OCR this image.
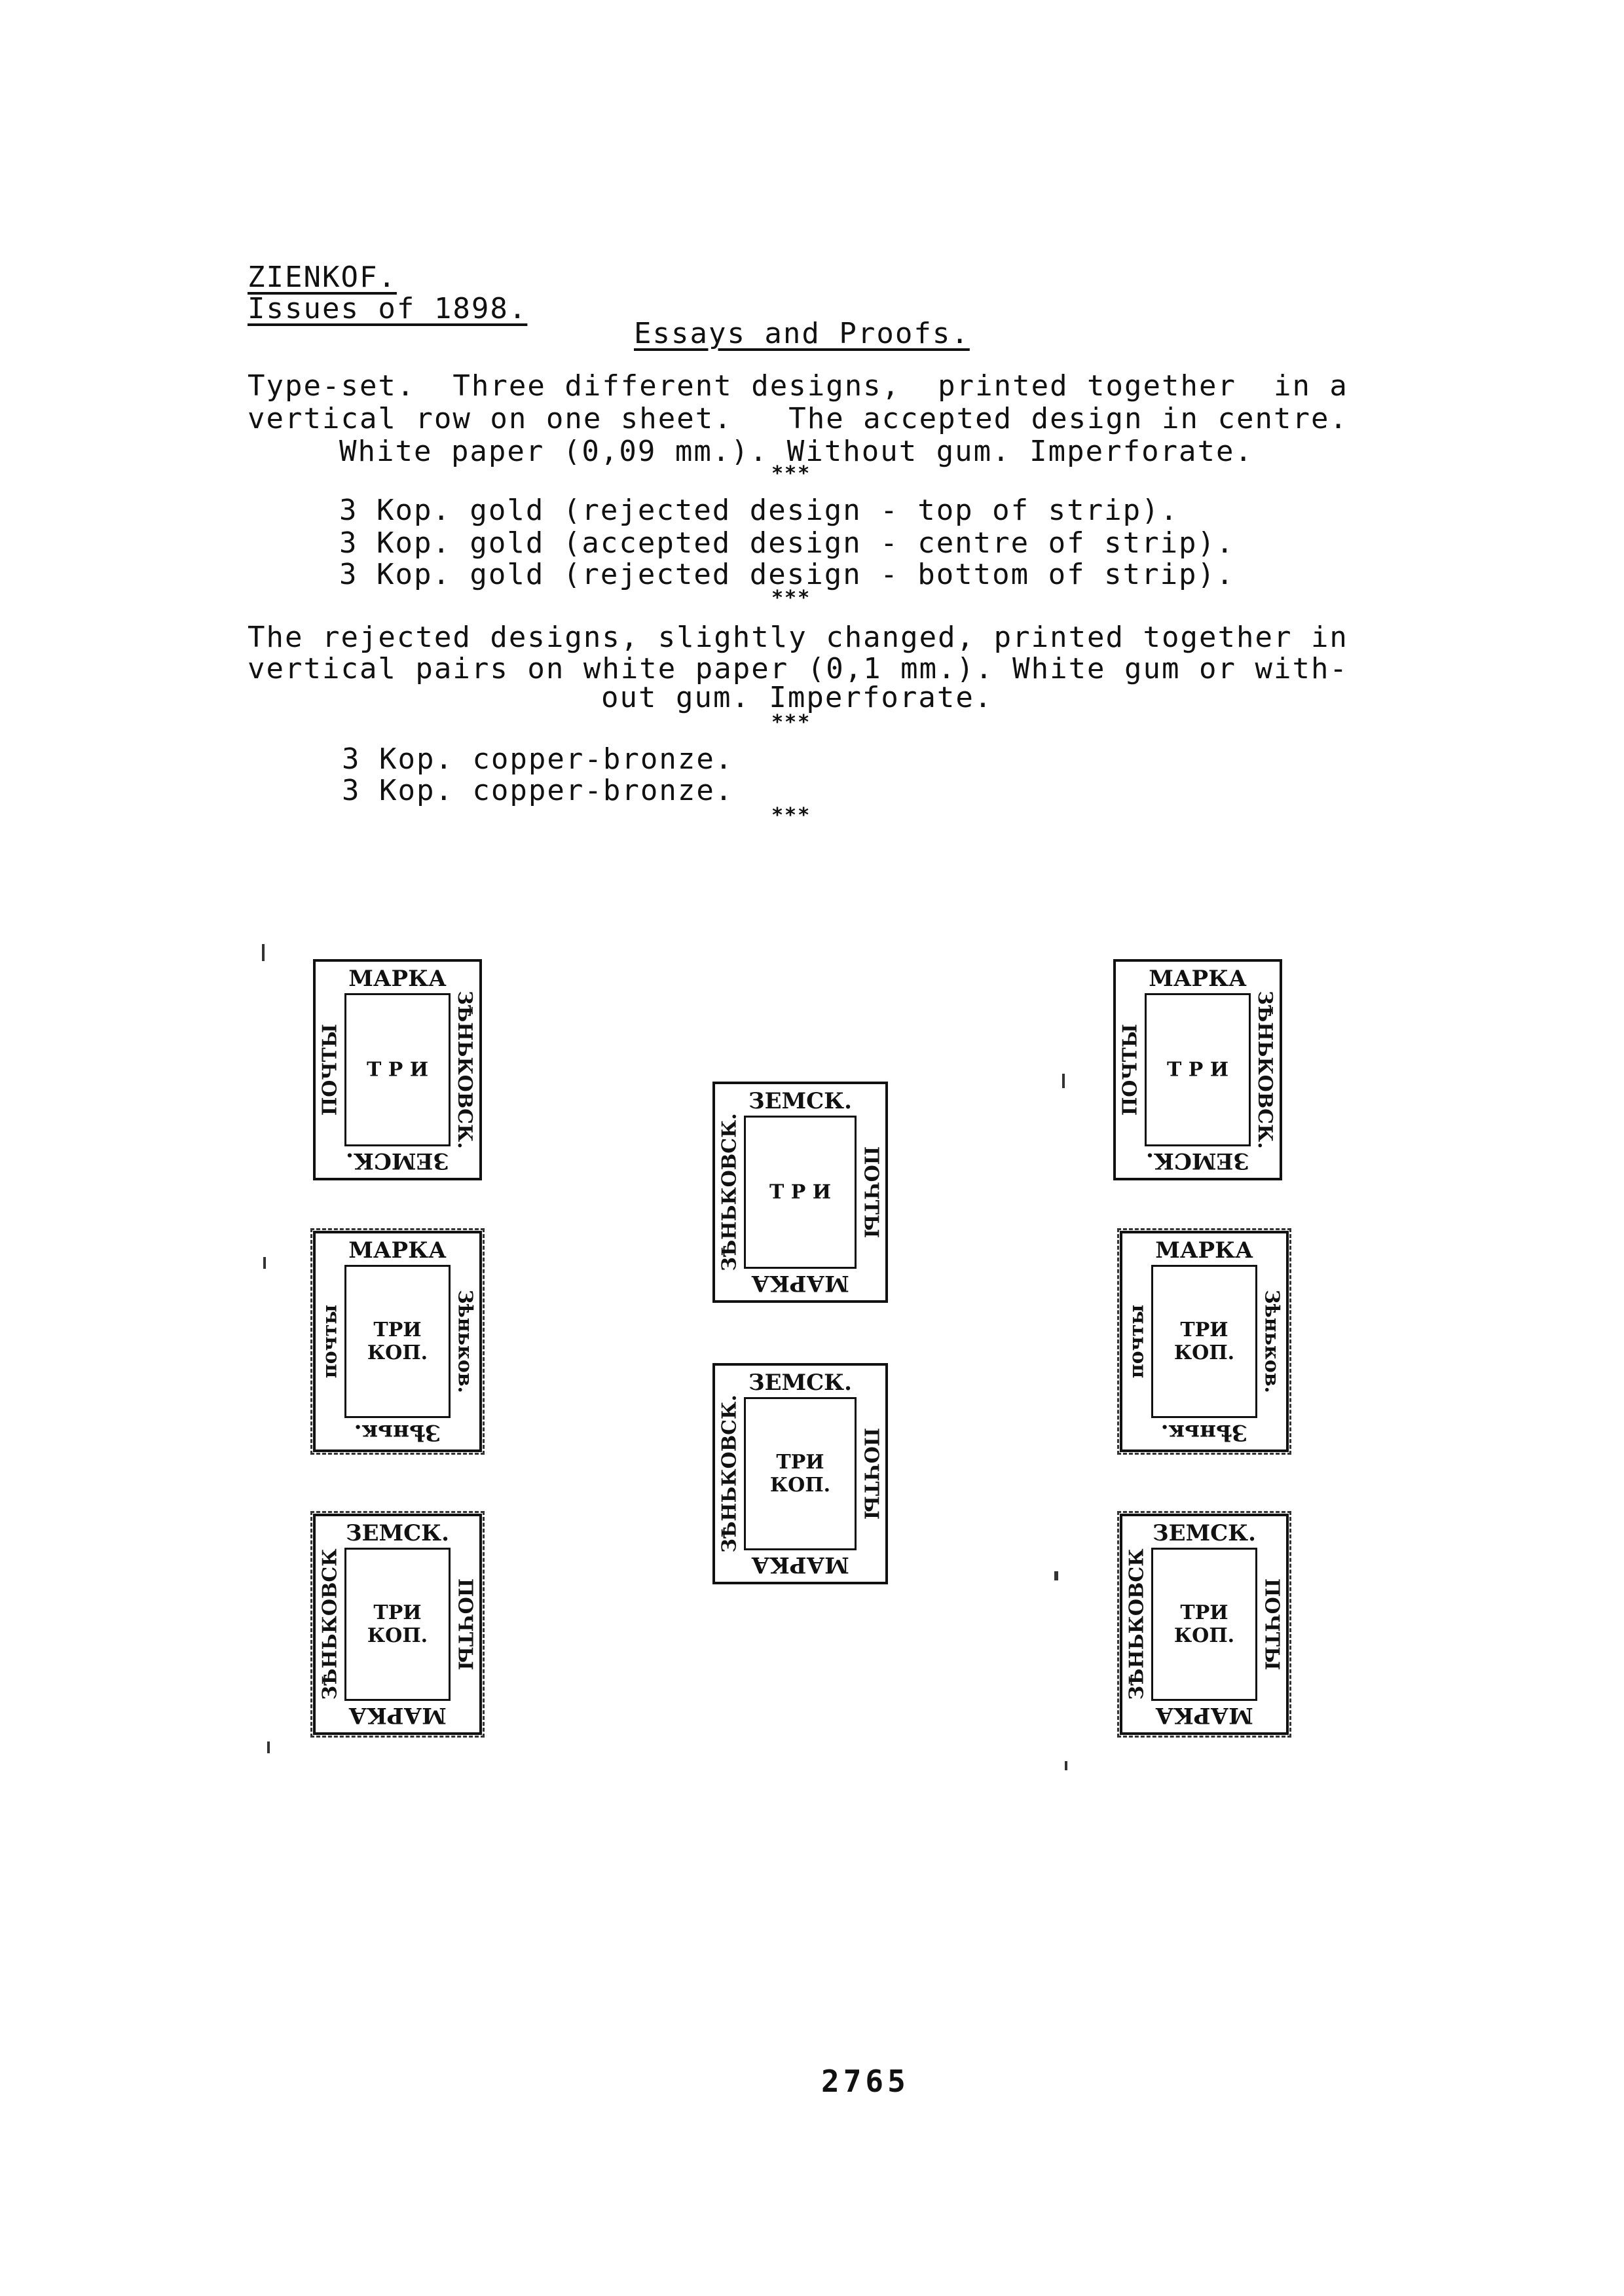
ZIENKOF.
Issues of 1898.
Essays and Proofs.
Type-set.  Three different designs,  printed together  in a
vertical row on one sheet.   The accepted design in centre.
White paper (0,09 mm.). Without gum. Imperforate.
***
3 Kop. gold (rejected design - top of strip).
3 Kop. gold (accepted design - centre of strip).
3 Kop. gold (rejected design - bottom of strip).
***
The rejected designs, slightly changed, printed together in
vertical pairs on white paper (0,1 mm.). White gum or with-
out gum. Imperforate.
***
3 Kop. copper-bronze.
3 Kop. copper-bronze.
***
МАРКА
ПОЧТЫ	ЗѢНЬКОВСК.
Т Р И
ЗЕМСК.
МАРКА
почты	Зѣньков.
ТРИ КОП.
Зѣньк.
ЗЕМСК.
ЗѢНЬКОВСК	ПОЧТЫ
ТРИ КОП.
МАРКА
ЗЕМСК.
ЗѢНЬКОВСК.	ПОЧТЫ
Т Р И
МАРКА
ЗЕМСК.
ЗѢНЬКОВСК.	ПОЧТЫ
ТРИ КОП.
МАРКА
МАРКА
ПОЧТЫ	ЗѢНЬКОВСК.
Т Р И
ЗЕМСК.
МАРКА
почты	Зѣньков.
ТРИ КОП.
Зѣньк.
ЗЕМСК.
ЗѢНЬКОВСК	ПОЧТЫ
ТРИ КОП.
МАРКА
2765
